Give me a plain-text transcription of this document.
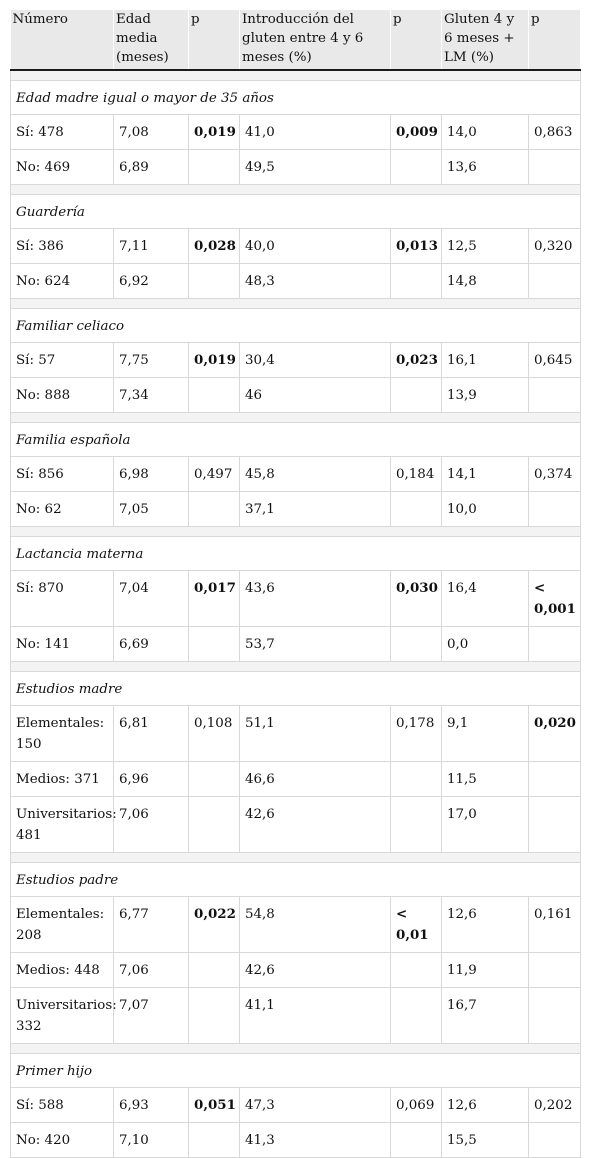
Número	Edad media (meses)	p	Introducción del gluten entre 4 y 6 meses (%)	p	Gluten 4 y 6 meses + LM (%)	p

Edad madre igual o mayor de 35 años						
Sí: 478	7,08	0,019	41,0	0,009	14,0	0,863
No: 469	6,89		49,5		13,6	

Guardería						
Sí: 386	7,11	0,028	40,0	0,013	12,5	0,320
No: 624	6,92		48,3		14,8	

Familiar celiaco						
Sí: 57	7,75	0,019	30,4	0,023	16,1	0,645
No: 888	7,34		46		13,9	

Familia española						
Sí: 856	6,98	0,497	45,8	0,184	14,1	0,374
No: 62	7,05		37,1		10,0	

Lactancia materna						
Sí: 870	7,04	0,017	43,6	0,030	16,4	< 0,001
No: 141	6,69		53,7		0,0	

Estudios madre						
Elementales: 150	6,81	0,108	51,1	0,178	9,1	0,020
Medios: 371	6,96		46,6		11,5	
Universitarios: 481	7,06		42,6		17,0	

Estudios padre						
Elementales: 208	6,77	0,022	54,8	< 0,01	12,6	0,161
Medios: 448	7,06		42,6		11,9	
Universitarios: 332	7,07		41,1		16,7	

Primer hijo						
Sí: 588	6,93	0,051	47,3	0,069	12,6	0,202
No: 420	7,10		41,3		15,5	
